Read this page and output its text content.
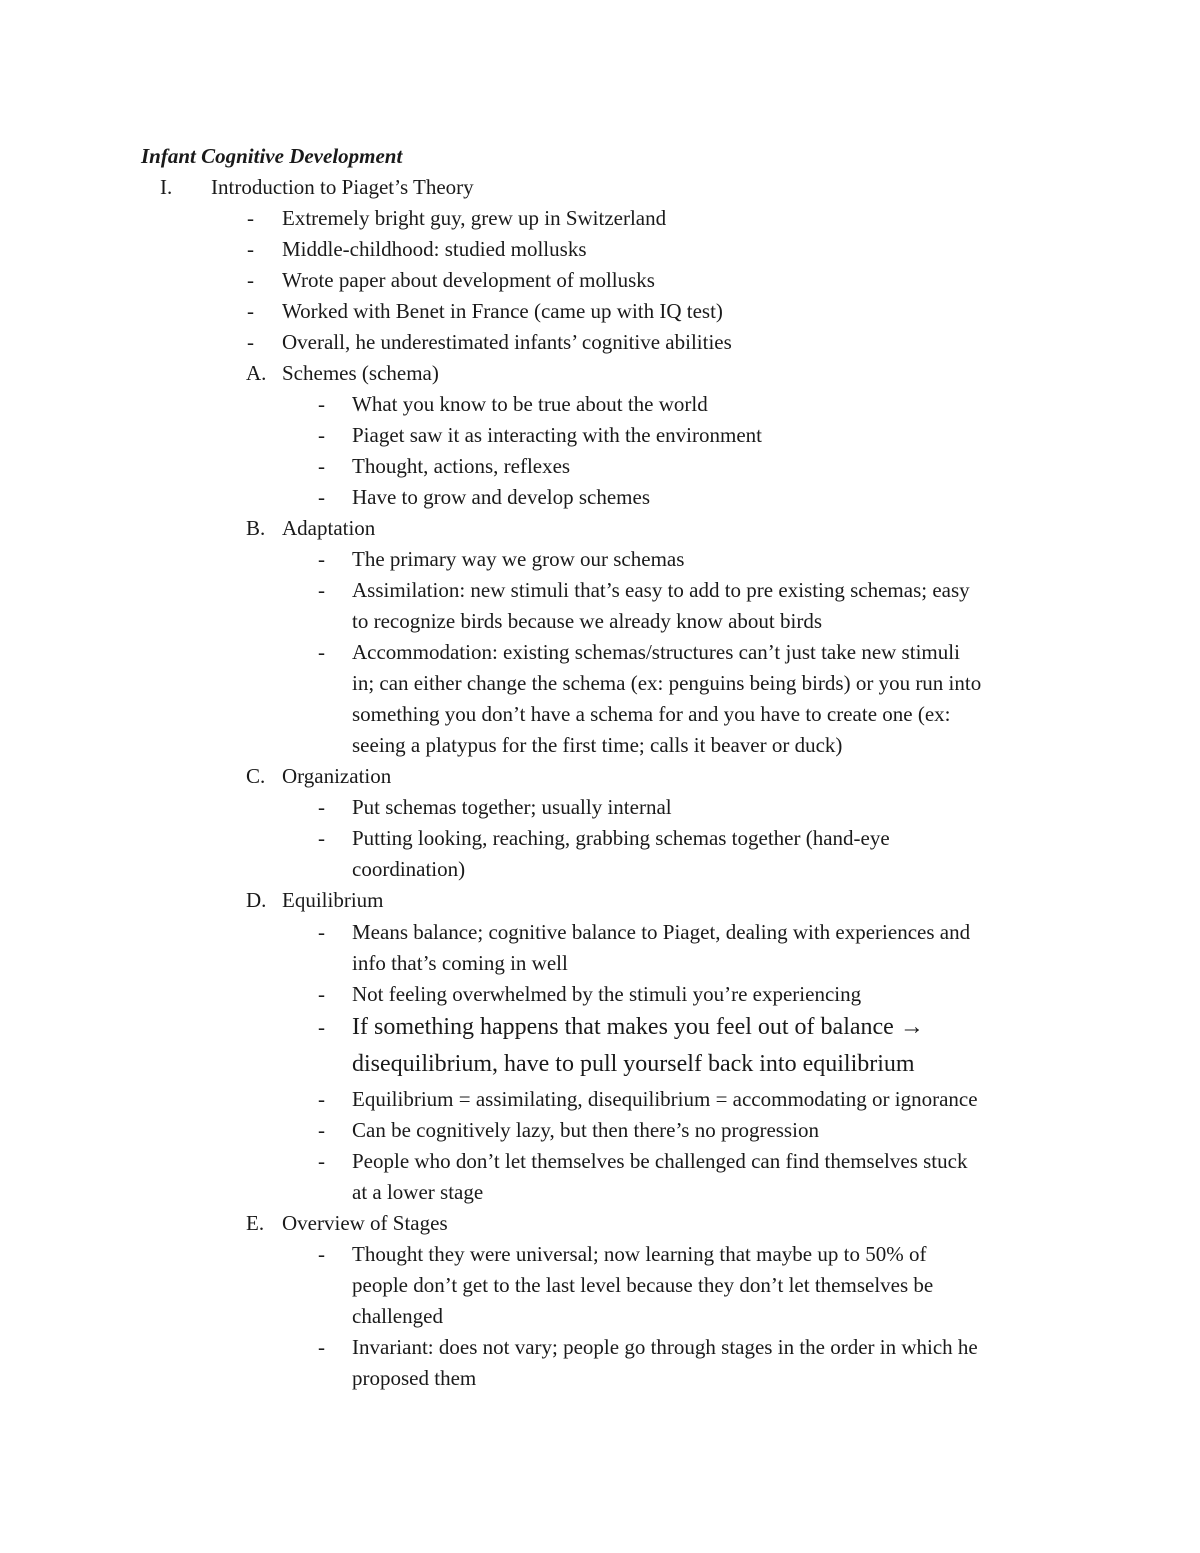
Infant Cognitive Development
I. Introduction to Piaget’s Theory
- Extremely bright guy, grew up in Switzerland
- Middle-childhood: studied mollusks
- Wrote paper about development of mollusks
- Worked with Benet in France (came up with IQ test)
- Overall, he underestimated infants’ cognitive abilities
A. Schemes (schema)
- What you know to be true about the world
- Piaget saw it as interacting with the environment
- Thought, actions, reflexes
- Have to grow and develop schemes
B. Adaptation
- The primary way we grow our schemas
- Assimilation: new stimuli that’s easy to add to pre existing schemas; easy
to recognize birds because we already know about birds
- Accommodation: existing schemas/structures can’t just take new stimuli
in; can either change the schema (ex: penguins being birds) or you run into
something you don’t have a schema for and you have to create one (ex:
seeing a platypus for the first time; calls it beaver or duck)
C. Organization
- Put schemas together; usually internal
- Putting looking, reaching, grabbing schemas together (hand-eye
coordination)
D. Equilibrium
- Means balance; cognitive balance to Piaget, dealing with experiences and
info that’s coming in well
- Not feeling overwhelmed by the stimuli you’re experiencing
- If something happens that makes you feel out of balance →
disequilibrium, have to pull yourself back into equilibrium
- Equilibrium = assimilating, disequilibrium = accommodating or ignorance
- Can be cognitively lazy, but then there’s no progression
- People who don’t let themselves be challenged can find themselves stuck
at a lower stage
E. Overview of Stages
- Thought they were universal; now learning that maybe up to 50% of
people don’t get to the last level because they don’t let themselves be
challenged
- Invariant: does not vary; people go through stages in the order in which he
proposed them
